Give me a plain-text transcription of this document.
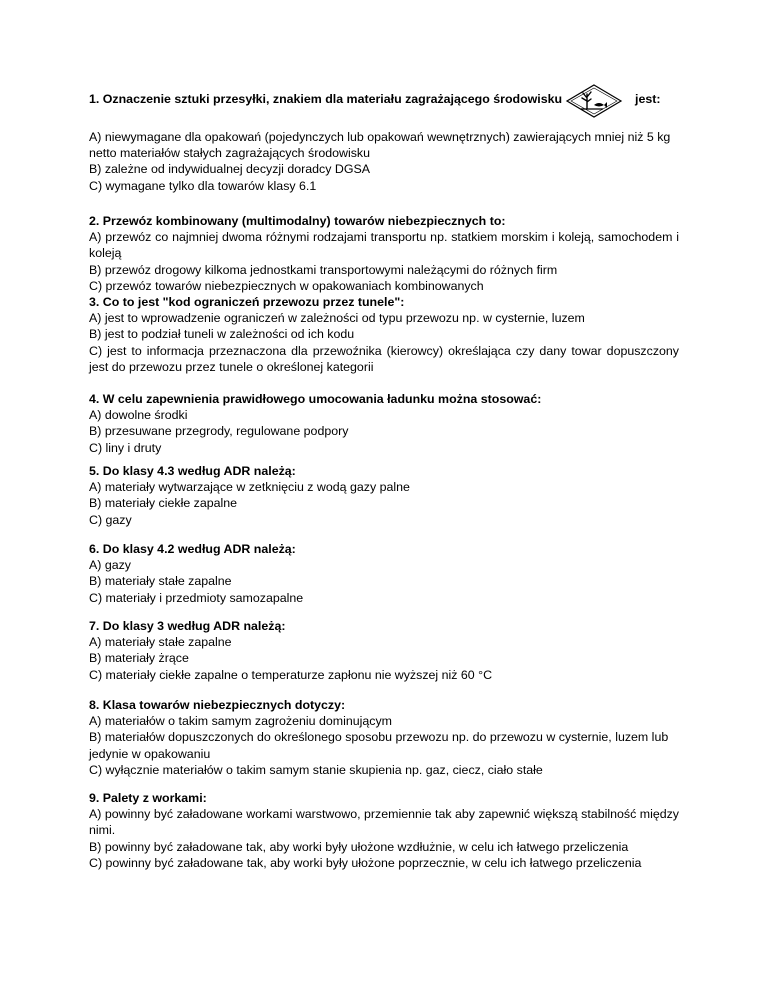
1. Oznaczenie sztuki przesyłki, znakiem dla materiału zagrażającego środowisku	jest:
A) niewymagane dla opakowań (pojedynczych lub opakowań wewnętrznych) zawierających mniej niż 5 kg netto materiałów stałych zagrażających środowisku
B) zależne od indywidualnej decyzji doradcy DGSA
C) wymagane tylko dla towarów klasy 6.1
2. Przewóz kombinowany (multimodalny) towarów niebezpiecznych to:
A) przewóz co najmniej dwoma różnymi rodzajami transportu np. statkiem morskim i koleją, samochodem i koleją
B) przewóz drogowy kilkoma jednostkami transportowymi należącymi do różnych firm
C) przewóz towarów niebezpiecznych w opakowaniach kombinowanych
3. Co to jest "kod ograniczeń przewozu przez tunele":
A) jest to wprowadzenie ograniczeń w zależności od typu przewozu np. w cysternie, luzem
B) jest to podział tuneli w zależności od ich kodu
C) jest to informacja przeznaczona dla przewoźnika (kierowcy) określająca czy dany towar dopuszczony jest do przewozu przez tunele o określonej kategorii
4. W celu zapewnienia prawidłowego umocowania ładunku można stosować:
A) dowolne środki
B) przesuwane przegrody, regulowane podpory
C) liny i druty
5. Do klasy 4.3 według ADR należą:
A) materiały wytwarzające w zetknięciu z wodą gazy palne
B) materiały ciekłe zapalne
C) gazy
6. Do klasy 4.2 według ADR należą:
A) gazy
B) materiały stałe zapalne
C) materiały i przedmioty samozapalne
7. Do klasy 3 według ADR należą:
A) materiały stałe zapalne
B) materiały żrące
C) materiały ciekłe zapalne o temperaturze zapłonu nie wyższej niż 60 °C
8. Klasa towarów niebezpiecznych dotyczy:
A) materiałów o takim samym zagrożeniu dominującym
B) materiałów dopuszczonych do określonego sposobu przewozu np. do przewozu w cysternie, luzem lub jedynie w opakowaniu
C) wyłącznie materiałów o takim samym stanie skupienia np. gaz, ciecz, ciało stałe
9. Palety z workami:
A) powinny być załadowane workami warstwowo, przemiennie tak aby zapewnić większą stabilność między nimi.
B) powinny być załadowane tak, aby worki były ułożone wzdłużnie, w celu ich łatwego przeliczenia
C) powinny być załadowane tak, aby worki były ułożone poprzecznie, w celu ich łatwego przeliczenia
